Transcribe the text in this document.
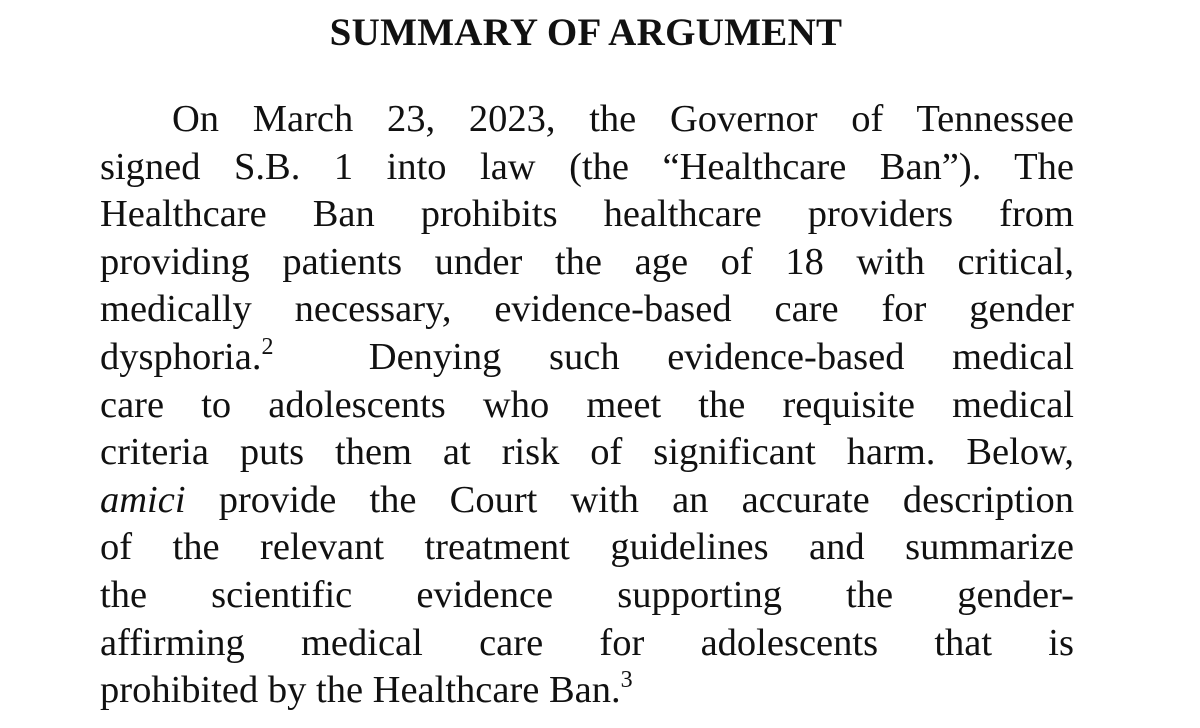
SUMMARY OF ARGUMENT
On March 23, 2023, the Governor of Tennessee
signed S.B. 1 into law (the “Healthcare Ban”). The
Healthcare Ban prohibits healthcare providers from
providing patients under the age of 18 with critical,
medically necessary, evidence-based care for gender
dysphoria.$^2$  Denying such evidence-based medical
care to adolescents who meet the requisite medical
criteria puts them at risk of significant harm. Below,
amici provide the Court with an accurate description
of the relevant treatment guidelines and summarize
the scientific evidence supporting the gender-
affirming medical care for adolescents that is
prohibited by the Healthcare Ban.$^3$
